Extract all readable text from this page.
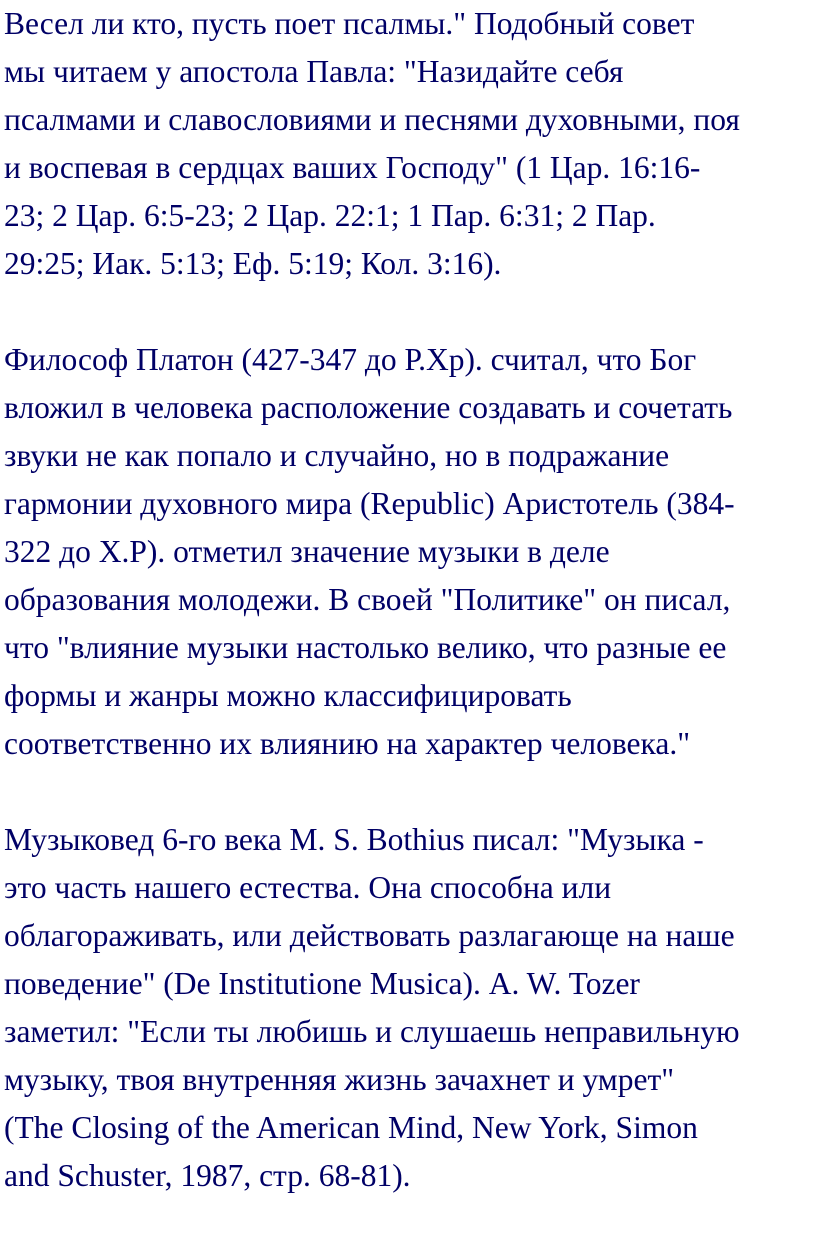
Весел ли кто, пусть поет псалмы." Подобный совет
мы читаем у апостола Павла: "Назидайте себя
псалмами и славословиями и песнями духовными, поя
и воспевая в сердцах ваших Господу" (1 Цар. 16:16-
23; 2 Цар. 6:5-23; 2 Цар. 22:1; 1 Пар. 6:31; 2 Пар.
29:25; Иак. 5:13; Еф. 5:19; Кол. 3:16).

Философ Платон (427-347 до Р.Хр). считал, что Бог
вложил в человека расположение создавать и сочетать
звуки не как попало и случайно, но в подражание
гармонии духовного мира (Republic) Аристотель (384-
322 до Х.Р). отметил значение музыки в деле
образования молодежи. В своей "Политике" он писал,
что "влияние музыки настолько велико, что разные ее
формы и жанры можно классифицировать
соответственно их влиянию на характер человека."

Музыковед 6-го века M. S. Bothius писал: "Музыка -
это часть нашего естества. Она способна или
облагораживать, или действовать разлагающе на наше
поведение" (De Institutione Musica). A. W. Tozer
заметил: "Если ты любишь и слушаешь неправильную
музыку, твоя внутренняя жизнь зачахнет и умрет"
(The Closing of the American Mind, New York, Simon
and Schuster, 1987, стр. 68-81).
